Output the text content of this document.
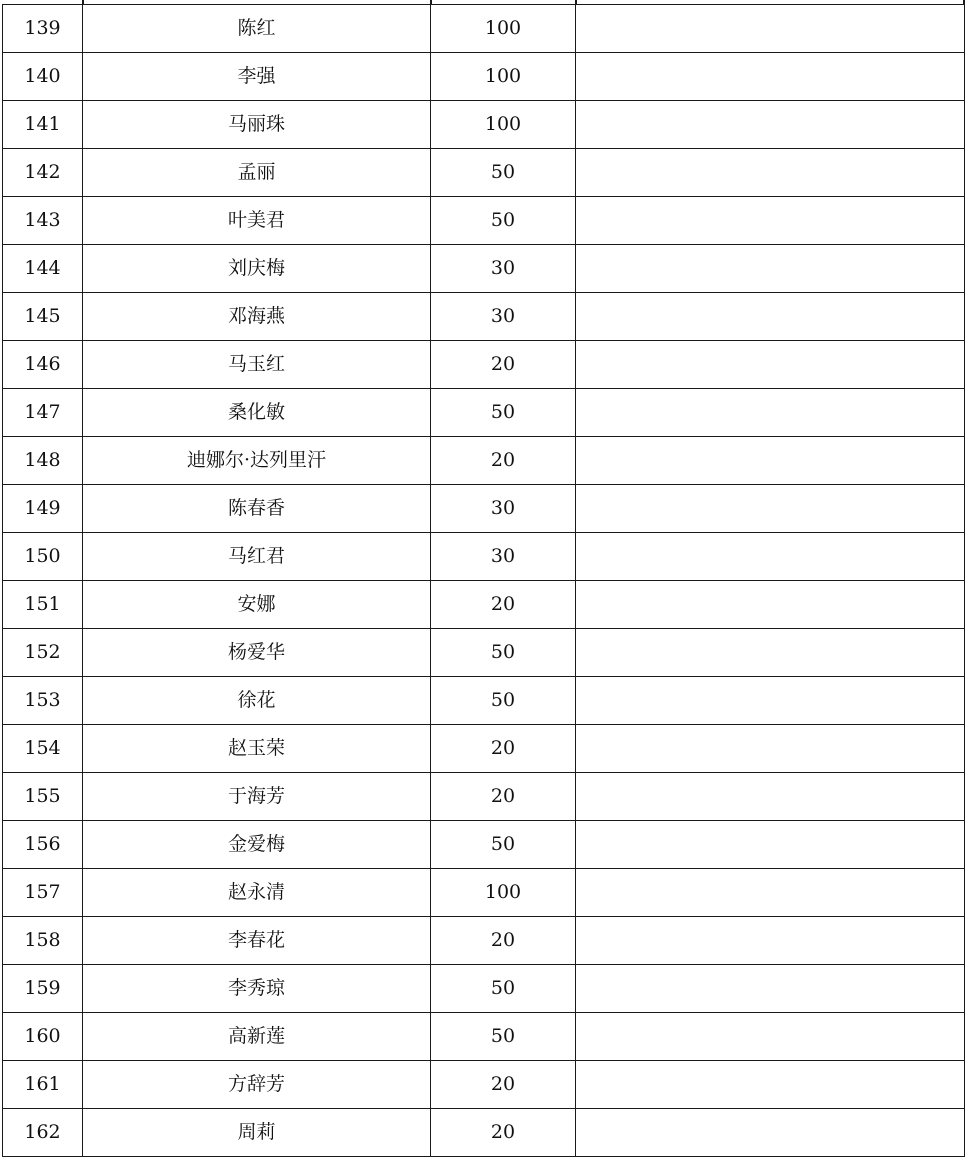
139	陈红	100	
140	李强	100	
141	马丽珠	100	
142	孟丽	50	
143	叶美君	50	
144	刘庆梅	30	
145	邓海燕	30	
146	马玉红	20	
147	桑化敏	50	
148	迪娜尔·达列里汗	20	
149	陈春香	30	
150	马红君	30	
151	安娜	20	
152	杨爱华	50	
153	徐花	50	
154	赵玉荣	20	
155	于海芳	20	
156	金爱梅	50	
157	赵永清	100	
158	李春花	20	
159	李秀琼	50	
160	高新莲	50	
161	方辞芳	20	
162	周莉	20	
